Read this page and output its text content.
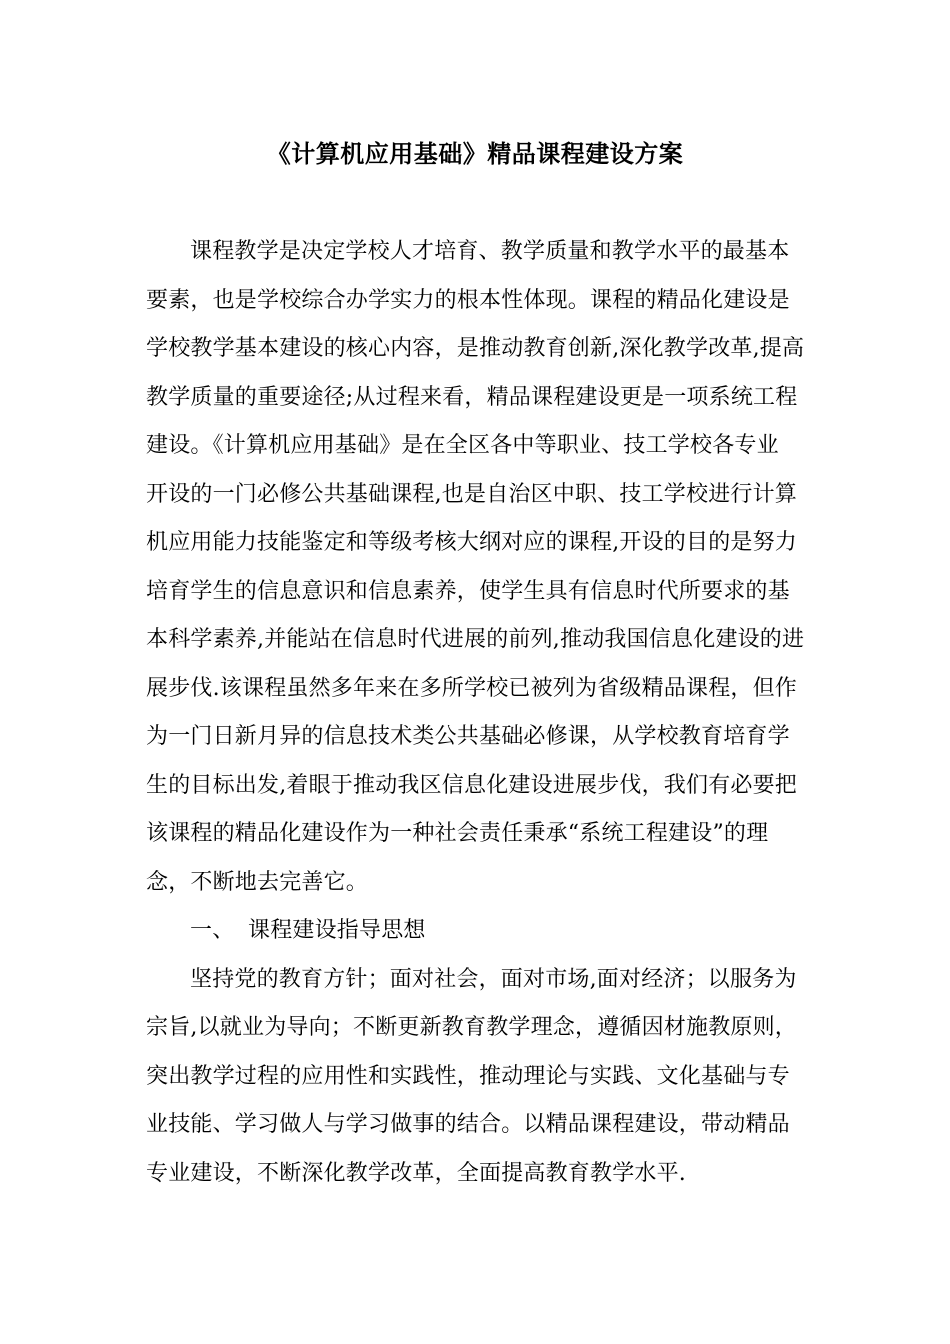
《计算机应用基础》精品课程建设方案
课程教学是决定学校人才培育、教学质量和教学水平的最基本
要素，也是学校综合办学实力的根本性体现。课程的精品化建设是
学校教学基本建设的核心内容，是推动教育创新,深化教学改革,提高
教学质量的重要途径;从过程来看，精品课程建设更是一项系统工程
建设。《计算机应用基础》是在全区各中等职业、技工学校各专业
开设的一门必修公共基础课程,也是自治区中职、技工学校进行计算
机应用能力技能鉴定和等级考核大纲对应的课程,开设的目的是努力
培育学生的信息意识和信息素养，使学生具有信息时代所要求的基
本科学素养,并能站在信息时代进展的前列,推动我国信息化建设的进
展步伐.该课程虽然多年来在多所学校已被列为省级精品课程，但作
为一门日新月异的信息技术类公共基础必修课，从学校教育培育学
生的目标出发,着眼于推动我区信息化建设进展步伐，我们有必要把
该课程的精品化建设作为一种社会责任秉承“系统工程建设”的理
念，不断地去完善它。
一、 课程建设指导思想
坚持党的教育方针；面对社会，面对市场,面对经济；以服务为
宗旨,以就业为导向；不断更新教育教学理念，遵循因材施教原则，
突出教学过程的应用性和实践性，推动理论与实践、文化基础与专
业技能、学习做人与学习做事的结合。以精品课程建设，带动精品
专业建设，不断深化教学改革，全面提高教育教学水平.
